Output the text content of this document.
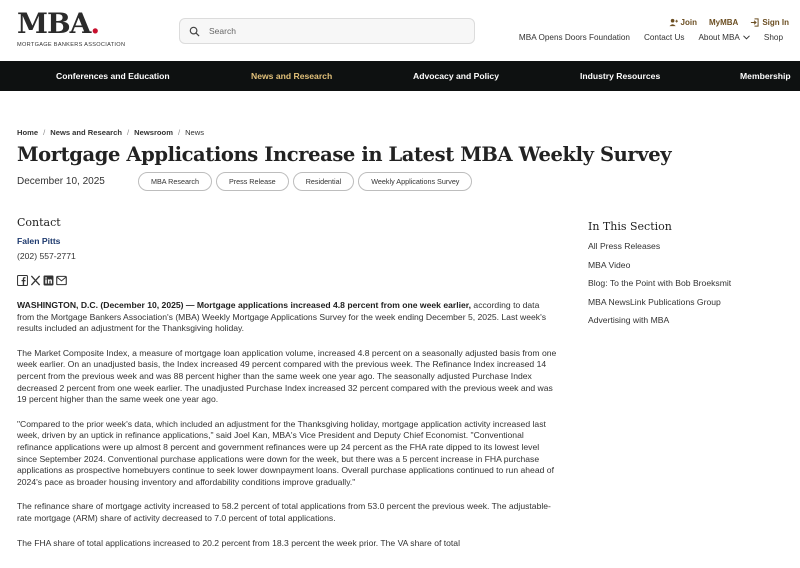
MBA.
MORTGAGE BANKERS ASSOCIATION
Search
Join MyMBA	Sign In
MBA Opens Doors Foundation Contact Us About MBA	Shop
Conferences and Education	News and Research	Advocacy and Policy	Industry Resources	Membership
Home / News and Research / Newsroom / News
Mortgage Applications Increase in Latest MBA Weekly Survey
December 10, 2025	MBA Research	Press Release	Residential	Weekly Applications Survey
Contact
Falen Pitts
(202) 557-2771

WASHINGTON, D.C. (December 10, 2025) — Mortgage applications increased 4.8 percent from one week earlier, according to data from the Mortgage Bankers Association's (MBA) Weekly Mortgage Applications Survey for the week ending December 5, 2025. Last week's results included an adjustment for the Thanksgiving holiday.

The Market Composite Index, a measure of mortgage loan application volume, increased 4.8 percent on a seasonally adjusted basis from one week earlier. On an unadjusted basis, the Index increased 49 percent compared with the previous week. The Refinance Index increased 14 percent from the previous week and was 88 percent higher than the same week one year ago. The seasonally adjusted Purchase Index decreased 2 percent from one week earlier. The unadjusted Purchase Index increased 32 percent compared with the previous week and was 19 percent higher than the same week one year ago.

"Compared to the prior week's data, which included an adjustment for the Thanksgiving holiday, mortgage application activity increased last week, driven by an uptick in refinance applications," said Joel Kan, MBA's Vice President and Deputy Chief Economist. "Conventional refinance applications were up almost 8 percent and government refinances were up 24 percent as the FHA rate dipped to its lowest level since September 2024. Conventional purchase applications were down for the week, but there was a 5 percent increase in FHA purchase applications as prospective homebuyers continue to seek lower downpayment loans. Overall purchase applications continued to run ahead of 2024's pace as broader housing inventory and affordability conditions improve gradually."

The refinance share of mortgage activity increased to 58.2 percent of total applications from 53.0 percent the previous week. The adjustable-rate mortgage (ARM) share of activity decreased to 7.0 percent of total applications.

The FHA share of total applications increased to 20.2 percent from 18.3 percent the week prior. The VA share of total

In This Section
All Press Releases
MBA Video
Blog: To the Point with Bob Broeksmit
MBA NewsLink Publications Group
Advertising with MBA
